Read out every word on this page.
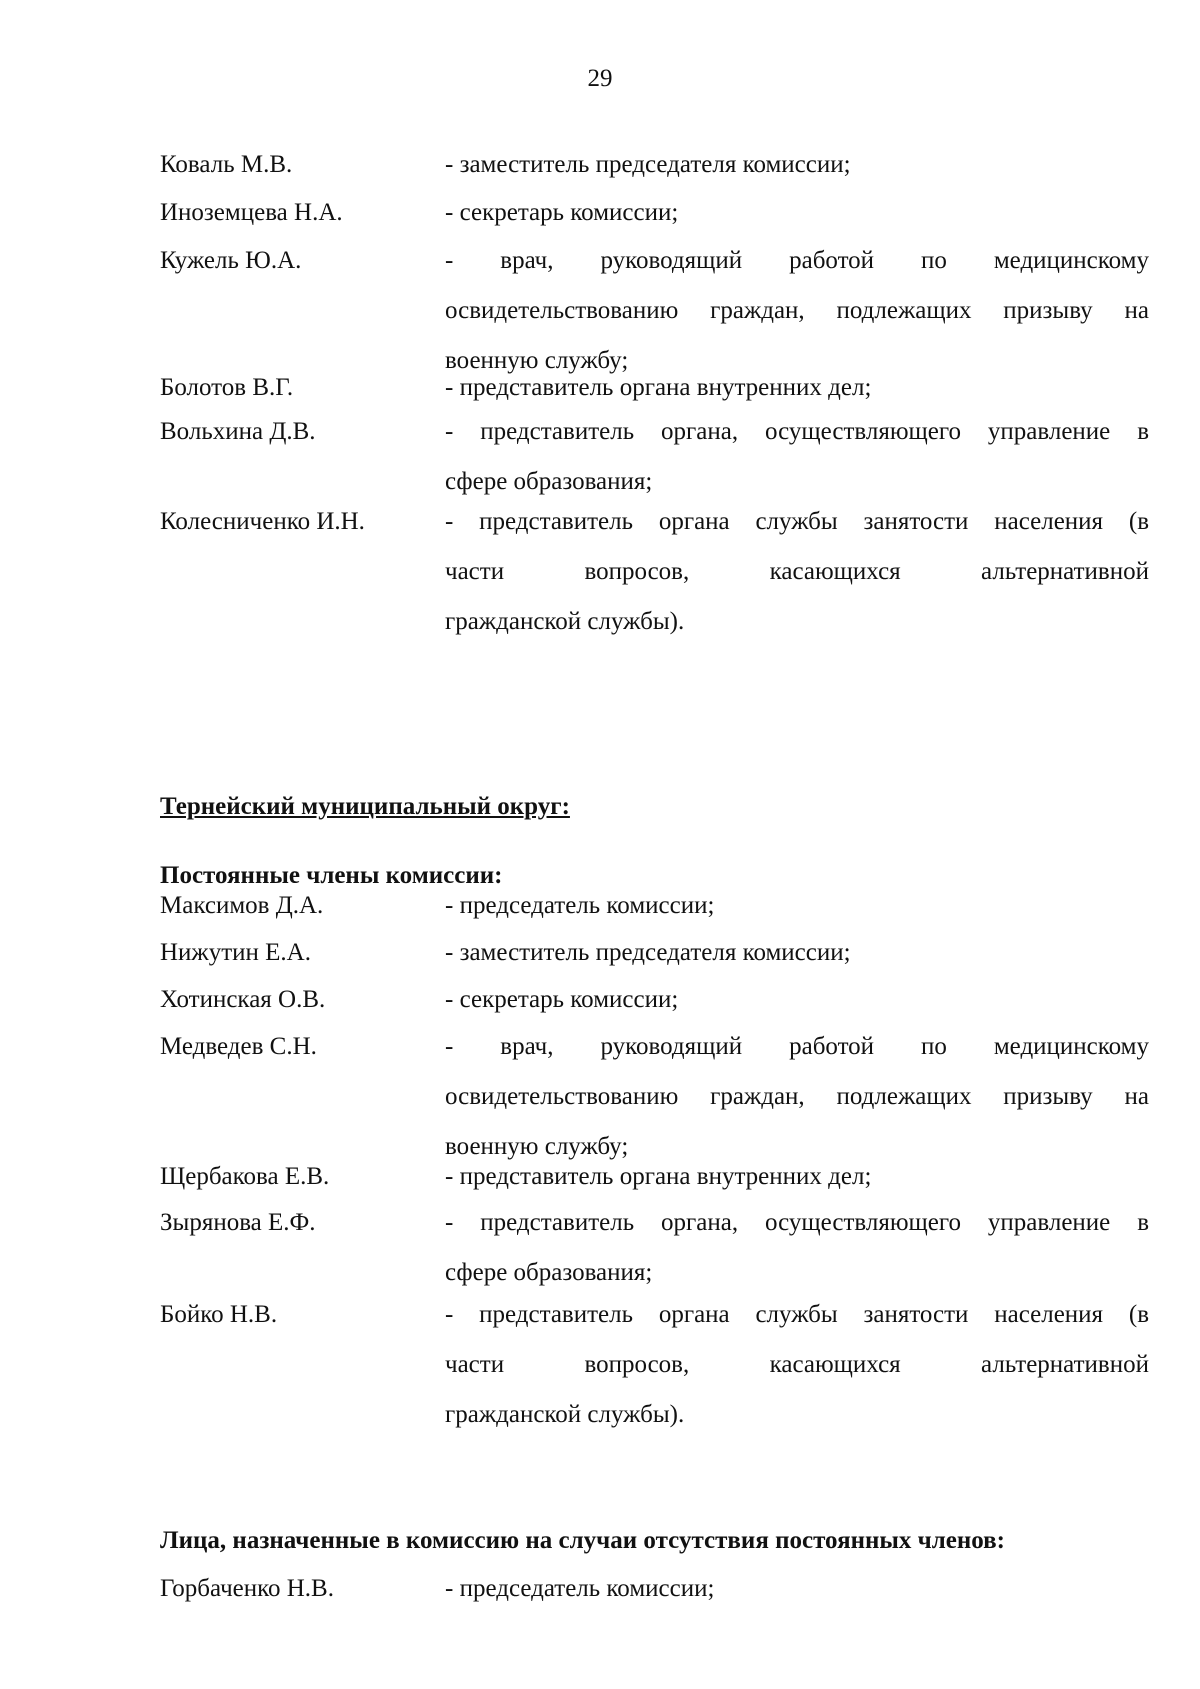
29
Коваль М.В.	- заместитель председателя комиссии;
Иноземцева Н.А.	- секретарь комиссии;
Кужель Ю.А.	-   врач,   руководящий   работой   по   медицинскому
освидетельствованию граждан, подлежащих призыву на
военную службу;
Болотов В.Г.	- представитель органа внутренних дел;
Вольхина Д.В.	- представитель органа, осуществляющего управление в
сфере образования;
Колесниченко И.Н.	- представитель органа службы занятости населения (в
части     вопросов,     касающихся     альтернативной
гражданской службы).
Тернейский муниципальный округ:
Постоянные члены комиссии:
Максимов Д.А.	- председатель комиссии;
Нижутин Е.А.	- заместитель председателя комиссии;
Хотинская О.В.	- секретарь комиссии;
Медведев С.Н.	-   врач,   руководящий   работой   по   медицинскому
освидетельствованию граждан, подлежащих призыву на
военную службу;
Щербакова Е.В.	- представитель органа внутренних дел;
Зырянова Е.Ф.	- представитель органа, осуществляющего управление в
сфере образования;
Бойко Н.В.	- представитель органа службы занятости населения (в
части     вопросов,     касающихся     альтернативной
гражданской службы).
Лица, назначенные в комиссию на случаи отсутствия постоянных членов:
Горбаченко Н.В.	- председатель комиссии;
